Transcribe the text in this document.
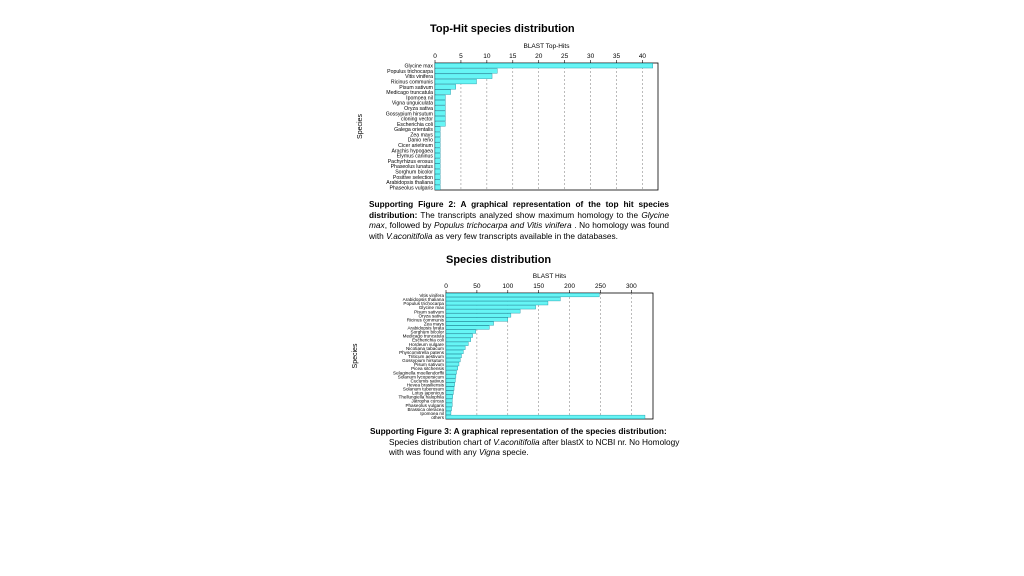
Top-Hit species distribution
0	5	10	15	20	25	30	35	40
BLAST Top-Hits
Species
Glycine max
Populus trichocarpa
Vitis vinifera
Ricinus communis
Pisum sativum
Medicago truncatula
Ipomoea nil
Vigna unguiculata
Oryza sativa
Gossypium hirsutum
cloning vector
Escherichia coli
Galega orientalis
Zea mays
Danio rerio
Cicer arietinum
Arachis hypogaea
Elymus caninus
Pachyrhizus erosus
Phaseolus lunatus
Sorghum bicolor
Positive selection
Arabidopsis thaliana
Phaseolus vulgaris
Supporting Figure 2: A graphical representation of the top hit species distribution: The transcripts analyzed show maximum homology to the Glycine max, followed by Populus trichocarpa and Vitis vinifera . No homology was found with V.aconitifolia as very few transcripts available in the databases.
Species distribution
0	50	100	150	200	250	300
BLAST Hits
Species
Vitis vinifera
Arabidopsis thaliana
Populus trichocarpa
Glycine max
Pisum sativum
Oryza sativa
Ricinus communis
Zea mays
Arabidopsis lyrata
Sorghum bicolor
Medicago truncatula
Escherichia coli
Hordeum vulgare
Nicotiana tabacum
Physcomitrella patens
Triticum aestivum
Gossypium hirsutum
Pisum sativum
Picea sitchensis
Selaginella moellendorffii
Solanum lycopersicum
Cucumis sativus
Hevea brasiliensis
Solanum tuberosum
Lotus japonicus
Thellungiella halophila
Jatropha curcas
Phaseolus vulgaris
Brassica oleracea
Ipomoea nil
others
Supporting Figure 3: A graphical representation of the species distribution:
Species distribution chart of V.aconitifolia after blastX to NCBI nr. No Homology with was found with any Vigna specie.
